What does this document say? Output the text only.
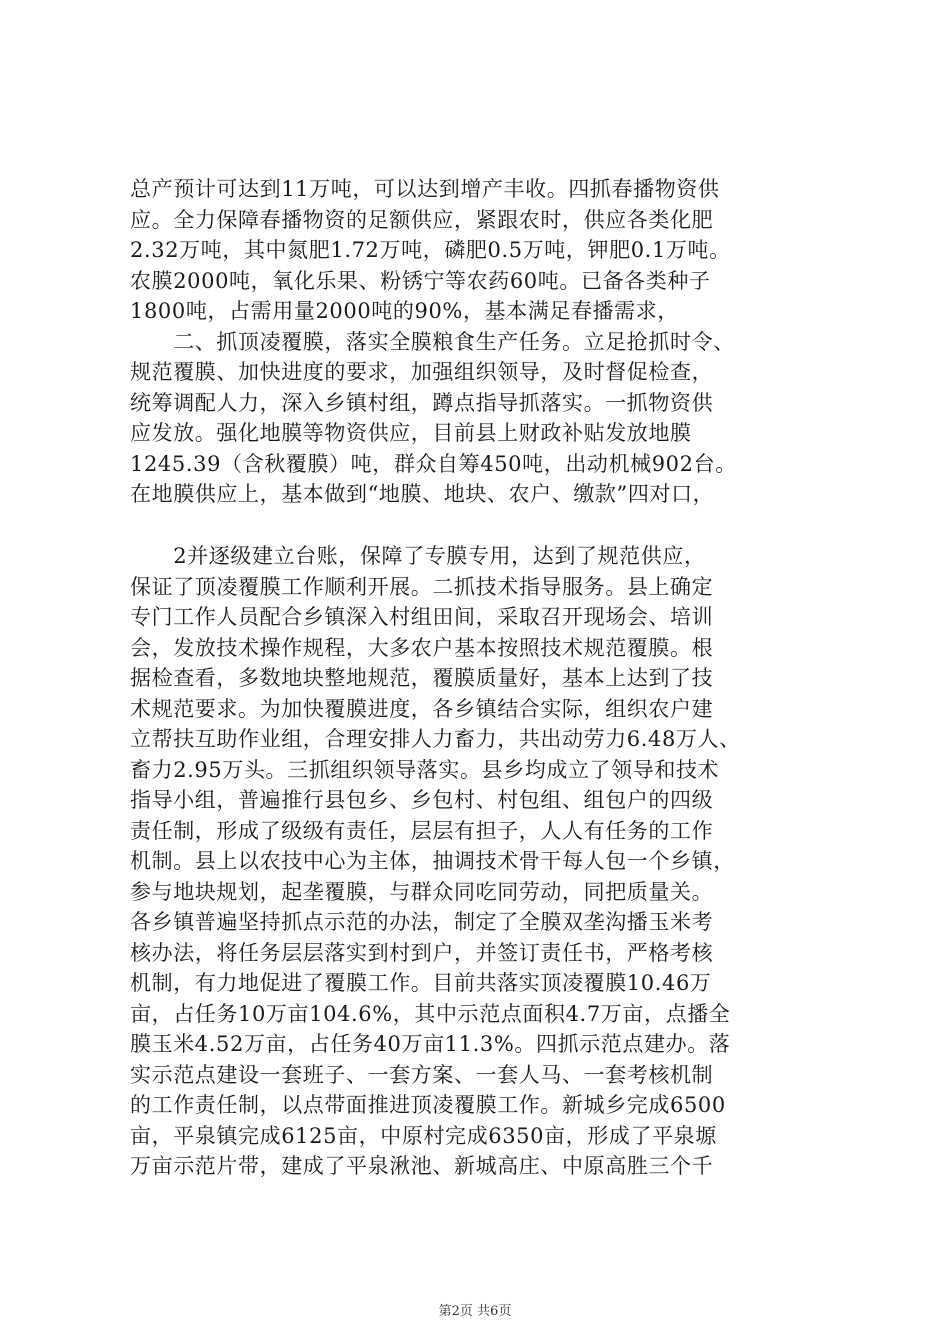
总产预计可达到11万吨，可以达到增产丰收。四抓春播物资供
应。全力保障春播物资的足额供应，紧跟农时，供应各类化肥
2.32万吨，其中氮肥1.72万吨，磷肥0.5万吨，钾肥0.1万吨。
农膜2000吨，氧化乐果、粉锈宁等农药60吨。已备各类种子
1800吨，占需用量2000吨的90%，基本满足春播需求，
　　二、抓顶凌覆膜，落实全膜粮食生产任务。立足抢抓时令、
规范覆膜、加快进度的要求，加强组织领导，及时督促检查，
统筹调配人力，深入乡镇村组，蹲点指导抓落实。一抓物资供
应发放。强化地膜等物资供应，目前县上财政补贴发放地膜
1245.39（含秋覆膜）吨，群众自筹450吨，出动机械902台。
在地膜供应上，基本做到“地膜、地块、农户、缴款”四对口，
　　2并逐级建立台账，保障了专膜专用，达到了规范供应，
保证了顶凌覆膜工作顺利开展。二抓技术指导服务。县上确定
专门工作人员配合乡镇深入村组田间，采取召开现场会、培训
会，发放技术操作规程，大多农户基本按照技术规范覆膜。根
据检查看，多数地块整地规范，覆膜质量好，基本上达到了技
术规范要求。为加快覆膜进度，各乡镇结合实际，组织农户建
立帮扶互助作业组，合理安排人力畜力，共出动劳力6.48万人、
畜力2.95万头。三抓组织领导落实。县乡均成立了领导和技术
指导小组，普遍推行县包乡、乡包村、村包组、组包户的四级
责任制，形成了级级有责任，层层有担子，人人有任务的工作
机制。县上以农技中心为主体，抽调技术骨干每人包一个乡镇，
参与地块规划，起垄覆膜，与群众同吃同劳动，同把质量关。
各乡镇普遍坚持抓点示范的办法，制定了全膜双垄沟播玉米考
核办法，将任务层层落实到村到户，并签订责任书，严格考核
机制，有力地促进了覆膜工作。目前共落实顶凌覆膜10.46万
亩，占任务10万亩104.6%，其中示范点面积4.7万亩，点播全
膜玉米4.52万亩，占任务40万亩11.3%。四抓示范点建办。落
实示范点建设一套班子、一套方案、一套人马、一套考核机制
的工作责任制，以点带面推进顶凌覆膜工作。新城乡完成6500
亩，平泉镇完成6125亩，中原村完成6350亩，形成了平泉塬
万亩示范片带，建成了平泉湫池、新城高庄、中原高胜三个千
第2页 共6页
